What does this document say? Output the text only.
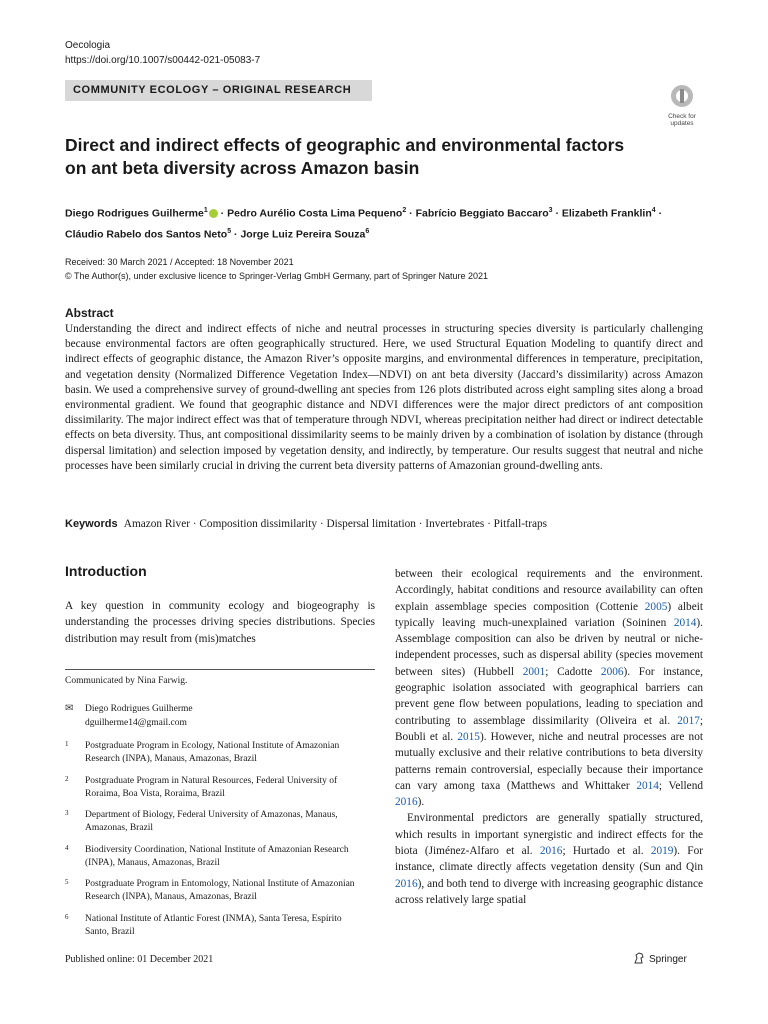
Oecologia
https://doi.org/10.1007/s00442-021-05083-7
COMMUNITY ECOLOGY – ORIGINAL RESEARCH
Check for
updates
Direct and indirect effects of geographic and environmental factors on ant beta diversity across Amazon basin
Diego Rodrigues Guilherme$^1$ · Pedro Aurélio Costa Lima Pequeno$^2$ · Fabrício Beggiato Baccaro$^3$ · Elizabeth Franklin$^4$ · Cláudio Rabelo dos Santos Neto$^5$ · Jorge Luiz Pereira Souza$^6$
Received: 30 March 2021 / Accepted: 18 November 2021
© The Author(s), under exclusive licence to Springer-Verlag GmbH Germany, part of Springer Nature 2021
Abstract
Understanding the direct and indirect effects of niche and neutral processes in structuring species diversity is particularly challenging because environmental factors are often geographically structured. Here, we used Structural Equation Modeling to quantify direct and indirect effects of geographic distance, the Amazon River’s opposite margins, and environmental differences in temperature, precipitation, and vegetation density (Normalized Difference Vegetation Index—NDVI) on ant beta diversity (Jaccard’s dissimilarity) across Amazon basin. We used a comprehensive survey of ground-dwelling ant species from 126 plots distributed across eight sampling sites along a broad environmental gradient. We found that geographic distance and NDVI differences were the major direct predictors of ant composition dissimilarity. The major indirect effect was that of temperature through NDVI, whereas precipitation neither had direct or indirect detectable effects on beta diversity. Thus, ant compositional dissimilarity seems to be mainly driven by a combination of isolation by distance (through dispersal limitation) and selection imposed by vegetation density, and indirectly, by temperature. Our results suggest that neutral and niche processes have been similarly crucial in driving the current beta diversity patterns of Amazonian ground-dwelling ants.
Keywords Amazon River · Composition dissimilarity · Dispersal limitation · Invertebrates · Pitfall-traps
Introduction
A key question in community ecology and biogeography is understanding the processes driving species distributions. Species distribution may result from (mis)matches
Communicated by Nina Farwig.
✉ Diego Rodrigues Guilherme
dguilherme14@gmail.com
1 Postgraduate Program in Ecology, National Institute of Amazonian Research (INPA), Manaus, Amazonas, Brazil
2 Postgraduate Program in Natural Resources, Federal University of Roraima, Boa Vista, Roraima, Brazil
3 Department of Biology, Federal University of Amazonas, Manaus, Amazonas, Brazil
4 Biodiversity Coordination, National Institute of Amazonian Research (INPA), Manaus, Amazonas, Brazil
5 Postgraduate Program in Entomology, National Institute of Amazonian Research (INPA), Manaus, Amazonas, Brazil
6 National Institute of Atlantic Forest (INMA), Santa Teresa, Espírito Santo, Brazil

between their ecological requirements and the environment. Accordingly, habitat conditions and resource availability can often explain assemblage species composition (Cottenie 2005) albeit typically leaving much-unexplained variation (Soininen 2014). Assemblage composition can also be driven by neutral or niche-independent processes, such as dispersal ability (species movement between sites) (Hubbell 2001; Cadotte 2006). For instance, geographic isolation associated with geographical barriers can prevent gene flow between populations, leading to speciation and contributing to assemblage dissimilarity (Oliveira et al. 2017; Boubli et al. 2015). However, niche and neutral processes are not mutually exclusive and their relative contributions to beta diversity patterns remain controversial, especially because their importance can vary among taxa (Matthews and Whittaker 2014; Vellend 2016).

Environmental predictors are generally spatially structured, which results in important synergistic and indirect effects for the biota (Jiménez-Alfaro et al. 2016; Hurtado et al. 2019). For instance, climate directly affects vegetation density (Sun and Qin 2016), and both tend to diverge with increasing geographic distance across relatively large spatial

Published online: 01 December 2021	Springer
